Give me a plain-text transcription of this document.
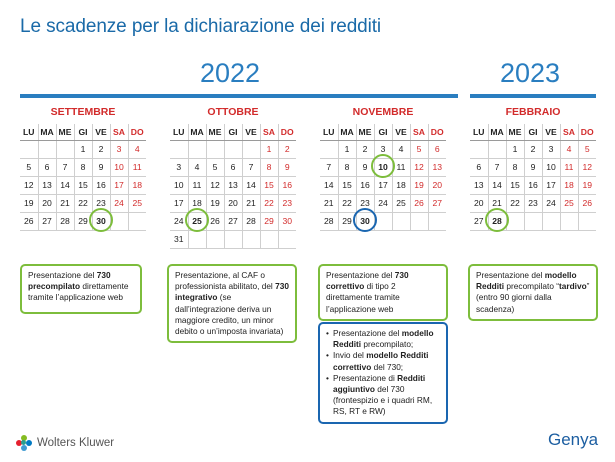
Le scadenze per la dichiarazione dei redditi
2022	2023
SETTEMBRE
LU	MA	ME	GI	VE	SA	DO
			1	2	3	4
5	6	7	8	9	10	11
12	13	14	15	16	17	18
19	20	21	22	23	24	25
26	27	28	29	30		
Presentazione del 730 precompilato direttamente tramite l’applicazione web
OTTOBRE
LU	MA	ME	GI	VE	SA	DO
					1	2
3	4	5	6	7	8	9
10	11	12	13	14	15	16
17	18	19	20	21	22	23
24	25	26	27	28	29	30
31						
Presentazione, al CAF o professionista abilitato, del 730 integrativo (se dall’integrazione deriva un maggiore credito, un minor debito o un’imposta invariata)
NOVEMBRE
LU	MA	ME	GI	VE	SA	DO
	1	2	3	4	5	6
7	8	9	10	11	12	13
14	15	16	17	18	19	20
21	22	23	24	25	26	27
28	29	30				
Presentazione del 730 correttivo di tipo 2 direttamente tramite l’applicazione web
• Presentazione del modello Redditi precompilato;
• Invio del modello Redditi correttivo del 730;
• Presentazione di Redditi aggiuntivo del 730 (frontespizio e i quadri RM, RS, RT e RW)
FEBBRAIO
LU	MA	ME	GI	VE	SA	DO
		1	2	3	4	5
6	7	8	9	10	11	12
13	14	15	16	17	18	19
20	21	22	23	24	25	26
27	28					
Presentazione del modello Redditi precompilato “tardivo” (entro 90 giorni dalla scadenza)
Wolters Kluwer	Genya
